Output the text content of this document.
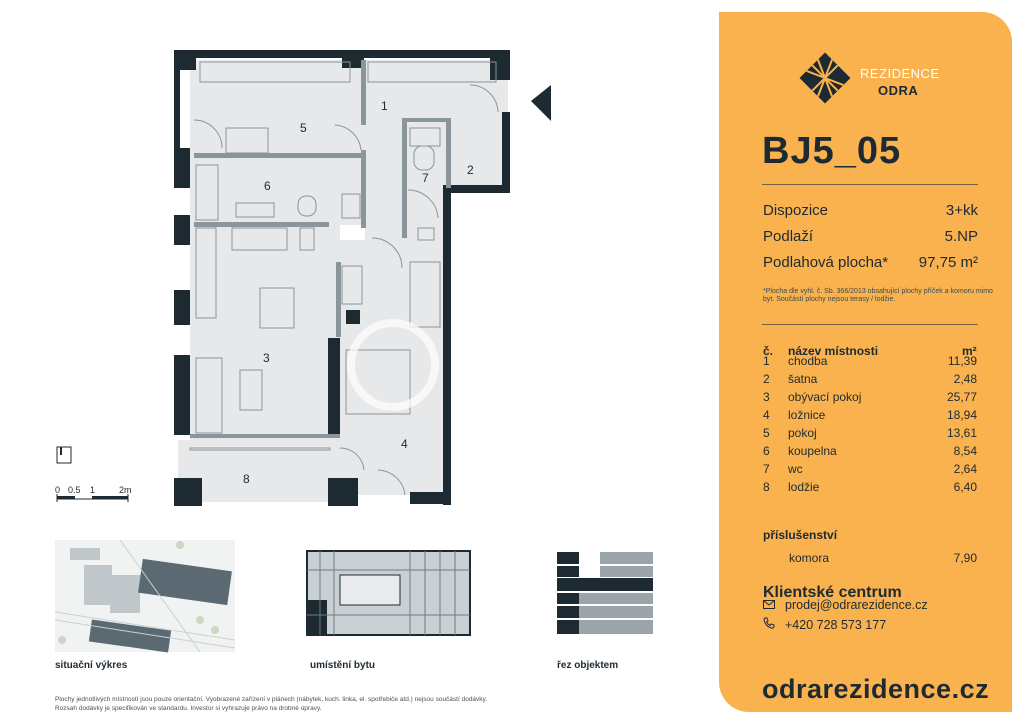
1
2
3
4
5
6
7
8
0 0.5 1	2m
situační výkres	umístění bytu	řez objektem
Plochy jednotlivých místností jsou pouze orientační. Vyobrazené zařízení v plánech (nábytek, kuch. linka, el. spotřebiče atd.) nejsou součástí dodávky.
Rozsah dodávky je specifikován ve standardu. Investor si vyhrazuje právo na drobné úpravy.
REZIDENCE
ODRA
BJ5_05
Dispozice	3+kk
Podlaží	5.NP
Podlahová plocha* 97,75 m²
*Plocha dle vyhl. č. Sb. 366/2013 obsahující plochy příček a komoru mimo byt. Součástí plochy nejsou terasy / lodžie.
č. název místnosti	m²
1 chodba	11,39
2 šatna	2,48
3 obývací pokoj	25,77
4 ložnice	18,94
5 pokoj	13,61
6 koupelna	8,54
7 wc	2,64
8 lodžie	6,40
příslušenství
komora	7,90
Klientské centrum
prodej@odrarezidence.cz
+420 728 573 177
odrarezidence.cz
